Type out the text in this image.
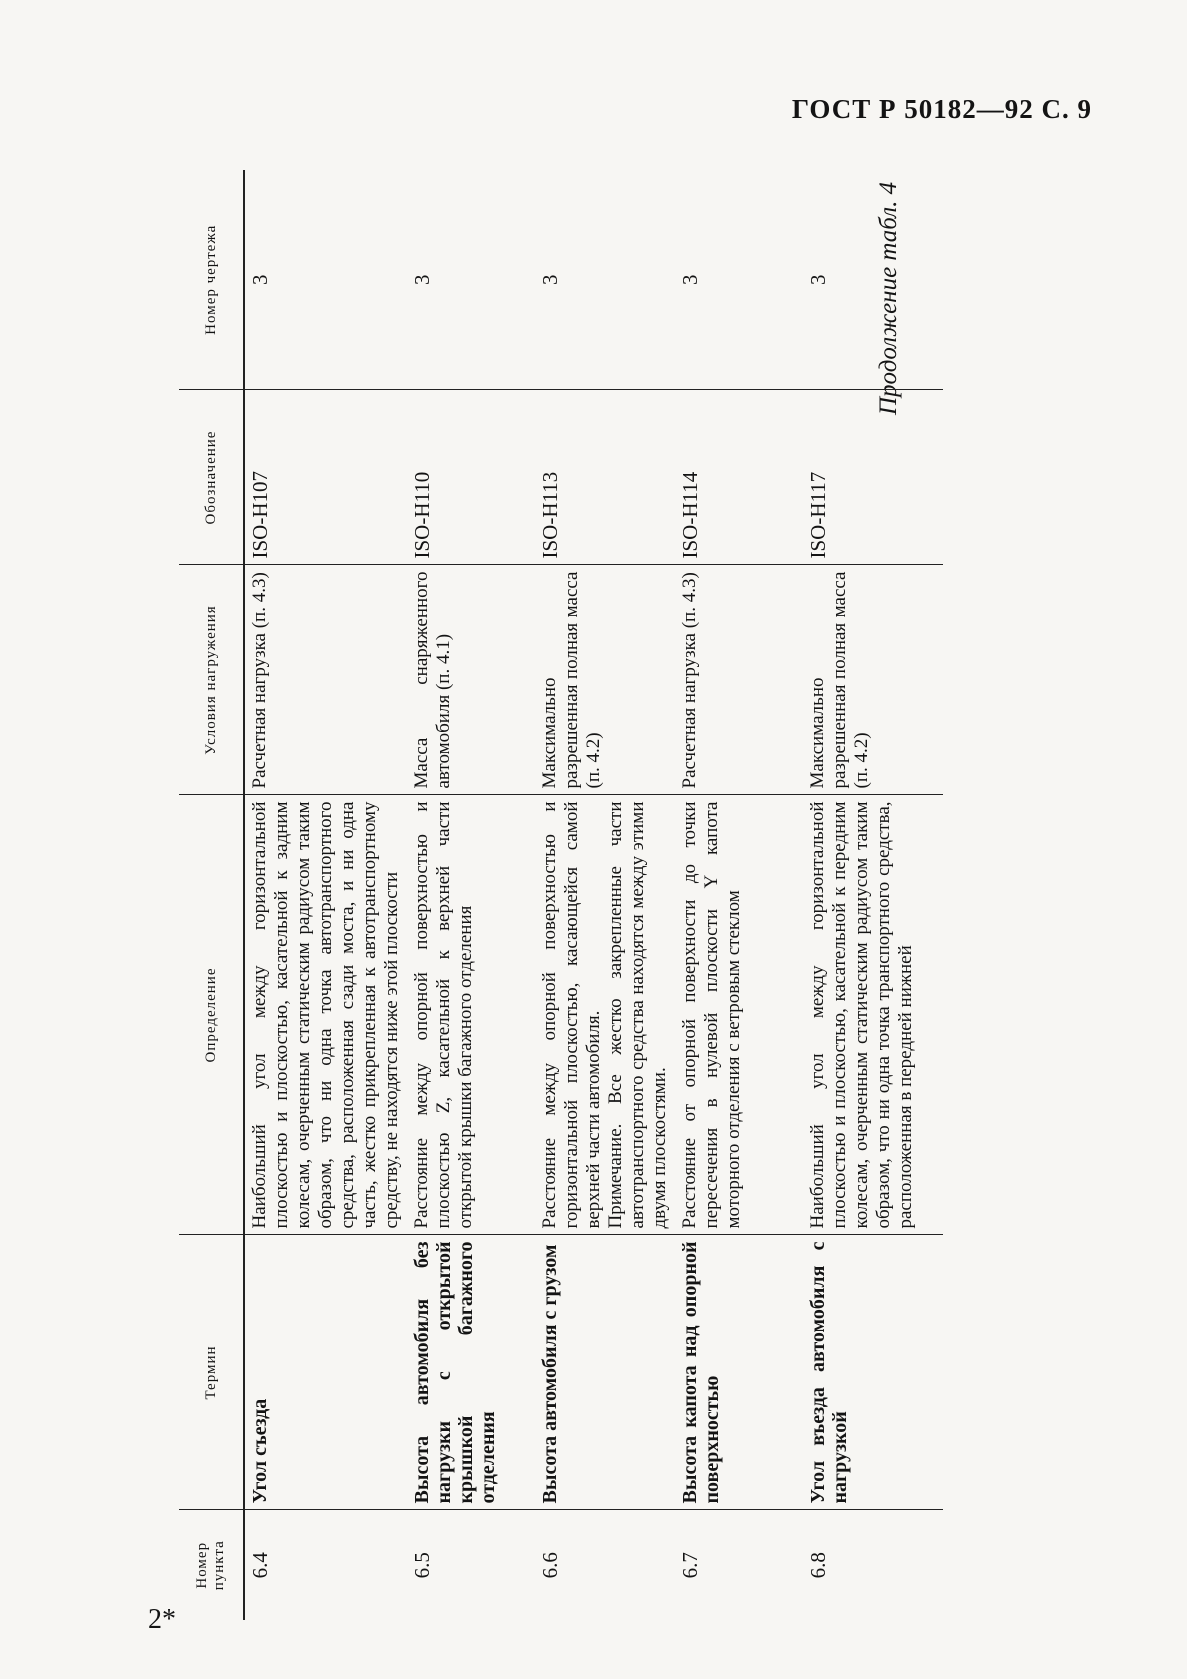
ГОСТ Р 50182—92 С. 9
Продолжение табл. 4
Номер пункта	Термин	Определение	Условия нагружения	Обозначение	Номер чертежа
6.4	Угол съезда	Наибольший угол между горизонтальной плоскостью и плоскостью, касательной к задним колесам, очерченным статическим радиусом таким образом, что ни одна точка автотранспортного средства, расположенная сзади моста, и ни одна часть, жестко прикрепленная к автотранспортному средству, не находятся ниже этой плоскости	Расчетная нагрузка (п. 4.3)	ISO-H107	3
6.5	Высота автомобиля без нагрузки с открытой крышкой багажного отделения	Расстояние между опорной поверхностью и плоскостью Z, касательной к верхней части открытой крышки багажного отделения	Масса снаряженного автомобиля (п. 4.1)	ISO-H110	3
6.6	Высота автомобиля с грузом	Расстояние между опорной поверхностью и горизонтальной плоскостью, касающейся самой верхней части автомобиля. Примечание. Все жестко закрепленные части автотранспортного средства находятся между этими двумя плоскостями.	Максимально разрешенная полная масса (п. 4.2)	ISO-H113	3
6.7	Высота капота над опорной поверхностью	Расстояние от опорной поверхности до точки пересечения в нулевой плоскости Y капота моторного отделения с ветровым стеклом	Расчетная нагрузка (п. 4.3)	ISO-H114	3
6.8	Угол въезда автомобиля с нагрузкой	Наибольший угол между горизонтальной плоскостью и плоскостью, касательной к передним колесам, очерченным статическим радиусом таким образом, что ни одна точка транспортного средства, расположенная в передней нижней	Максимально разрешенная полная масса (п. 4.2)	ISO-H117	3
2*
